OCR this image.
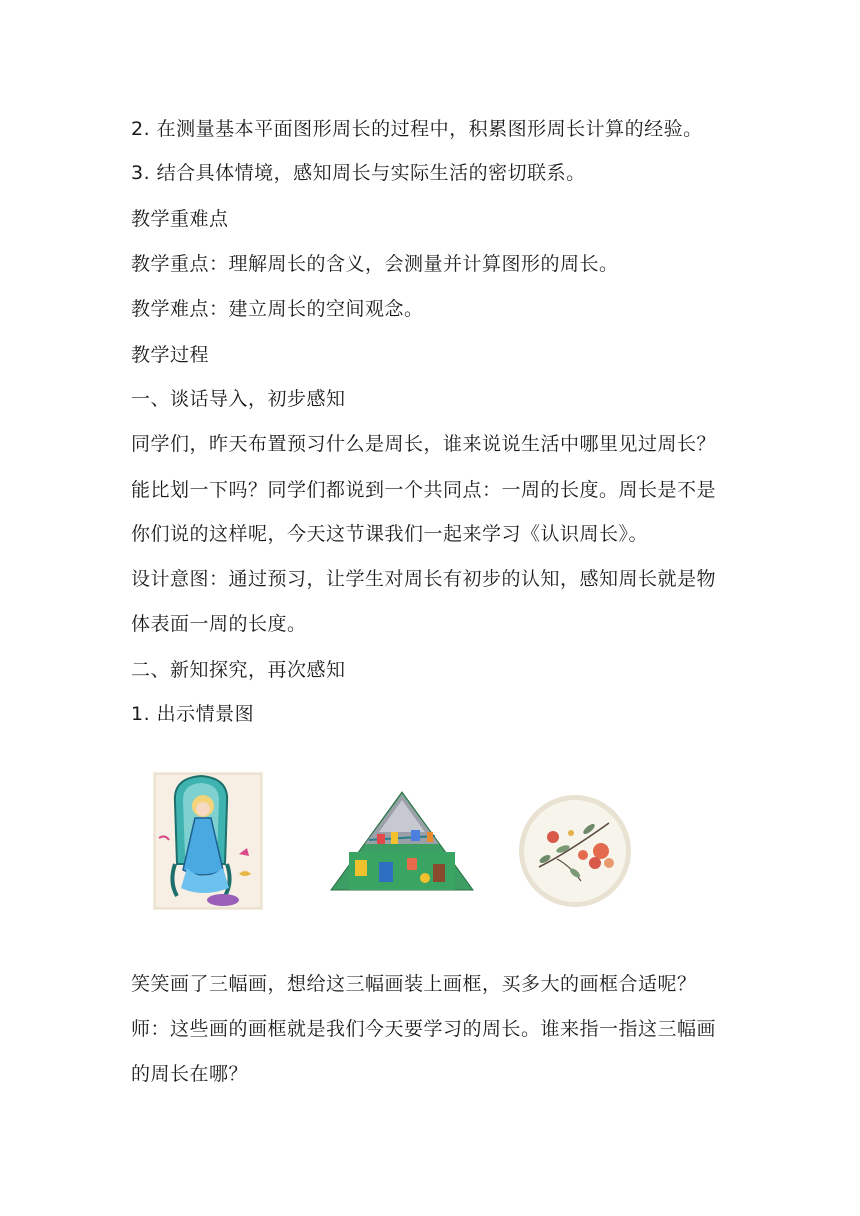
2. 在测量基本平面图形周长的过程中，积累图形周长计算的经验。
3. 结合具体情境，感知周长与实际生活的密切联系。
教学重难点
教学重点：理解周长的含义，会测量并计算图形的周长。
教学难点：建立周长的空间观念。
教学过程
一、谈话导入，初步感知
同学们，昨天布置预习什么是周长，谁来说说生活中哪里见过周长？
能比划一下吗？同学们都说到一个共同点：一周的长度。周长是不是
你们说的这样呢，今天这节课我们一起来学习《认识周长》。
设计意图：通过预习，让学生对周长有初步的认知，感知周长就是物
体表面一周的长度。
二、新知探究，再次感知
1. 出示情景图
笑笑画了三幅画，想给这三幅画装上画框，买多大的画框合适呢？
师：这些画的画框就是我们今天要学习的周长。谁来指一指这三幅画
的周长在哪？
